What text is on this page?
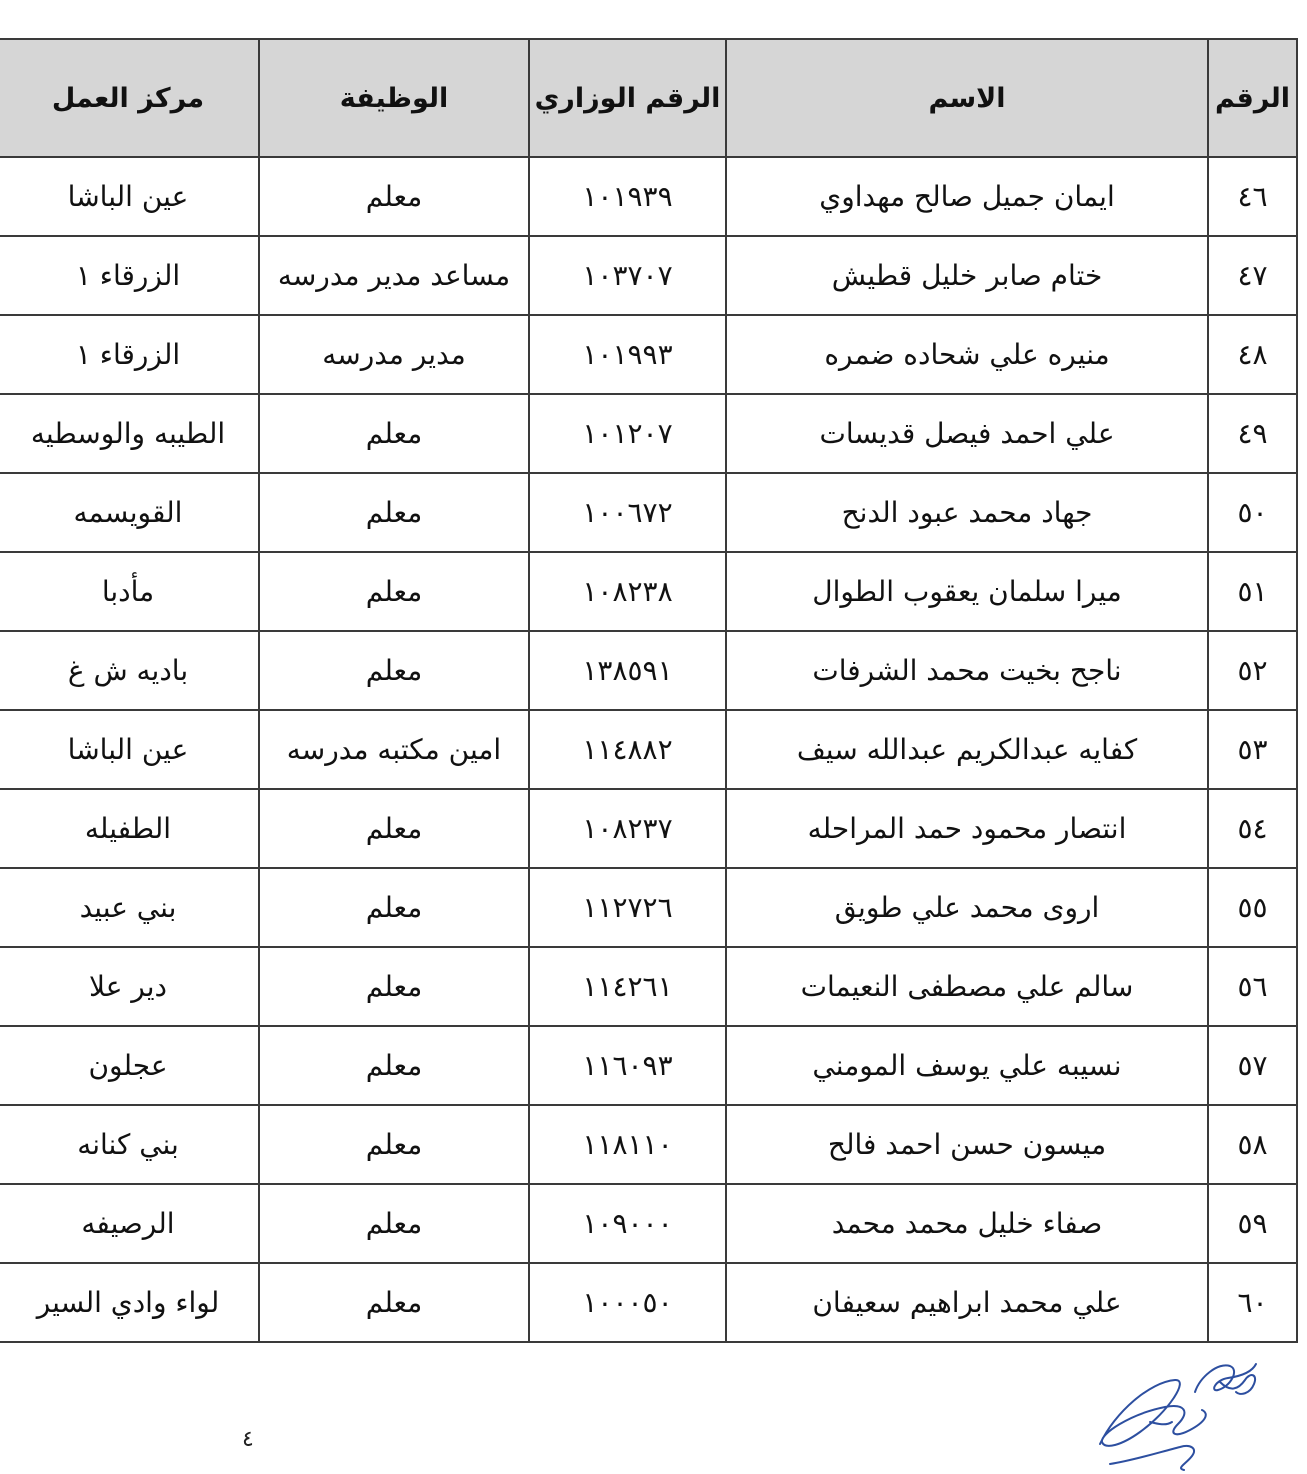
الرقم	الاسم	الرقم الوزاري	الوظيفة	مركز العمل
٤٦	ايمان جميل صالح مهداوي	١٠١٩٣٩	معلم	عين الباشا
٤٧	ختام صابر خليل قطيش	١٠٣٧٠٧	مساعد مدير مدرسه	الزرقاء ١
٤٨	منيره علي شحاده ضمره	١٠١٩٩٣	مدير مدرسه	الزرقاء ١
٤٩	علي احمد فيصل قديسات	١٠١٢٠٧	معلم	الطيبه والوسطيه
٥٠	جهاد محمد عبود الدنح	١٠٠٦٧٢	معلم	القويسمه
٥١	ميرا سلمان يعقوب الطوال	١٠٨٢٣٨	معلم	مأدبا
٥٢	ناجح بخيت محمد الشرفات	١٣٨٥٩١	معلم	باديه ش غ
٥٣	كفايه عبدالكريم عبدالله سيف	١١٤٨٨٢	امين مكتبه مدرسه	عين الباشا
٥٤	انتصار محمود حمد المراحله	١٠٨٢٣٧	معلم	الطفيله
٥٥	اروى محمد علي طويق	١١٢٧٢٦	معلم	بني عبيد
٥٦	سالم علي مصطفى النعيمات	١١٤٢٦١	معلم	دير علا
٥٧	نسيبه علي يوسف المومني	١١٦٠٩٣	معلم	عجلون
٥٨	ميسون حسن احمد فالح	١١٨١١٠	معلم	بني كنانه
٥٩	صفاء خليل محمد محمد	١٠٩٠٠٠	معلم	الرصيفه
٦٠	علي محمد ابراهيم سعيفان	١٠٠٠٥٠	معلم	لواء وادي السير
٤
